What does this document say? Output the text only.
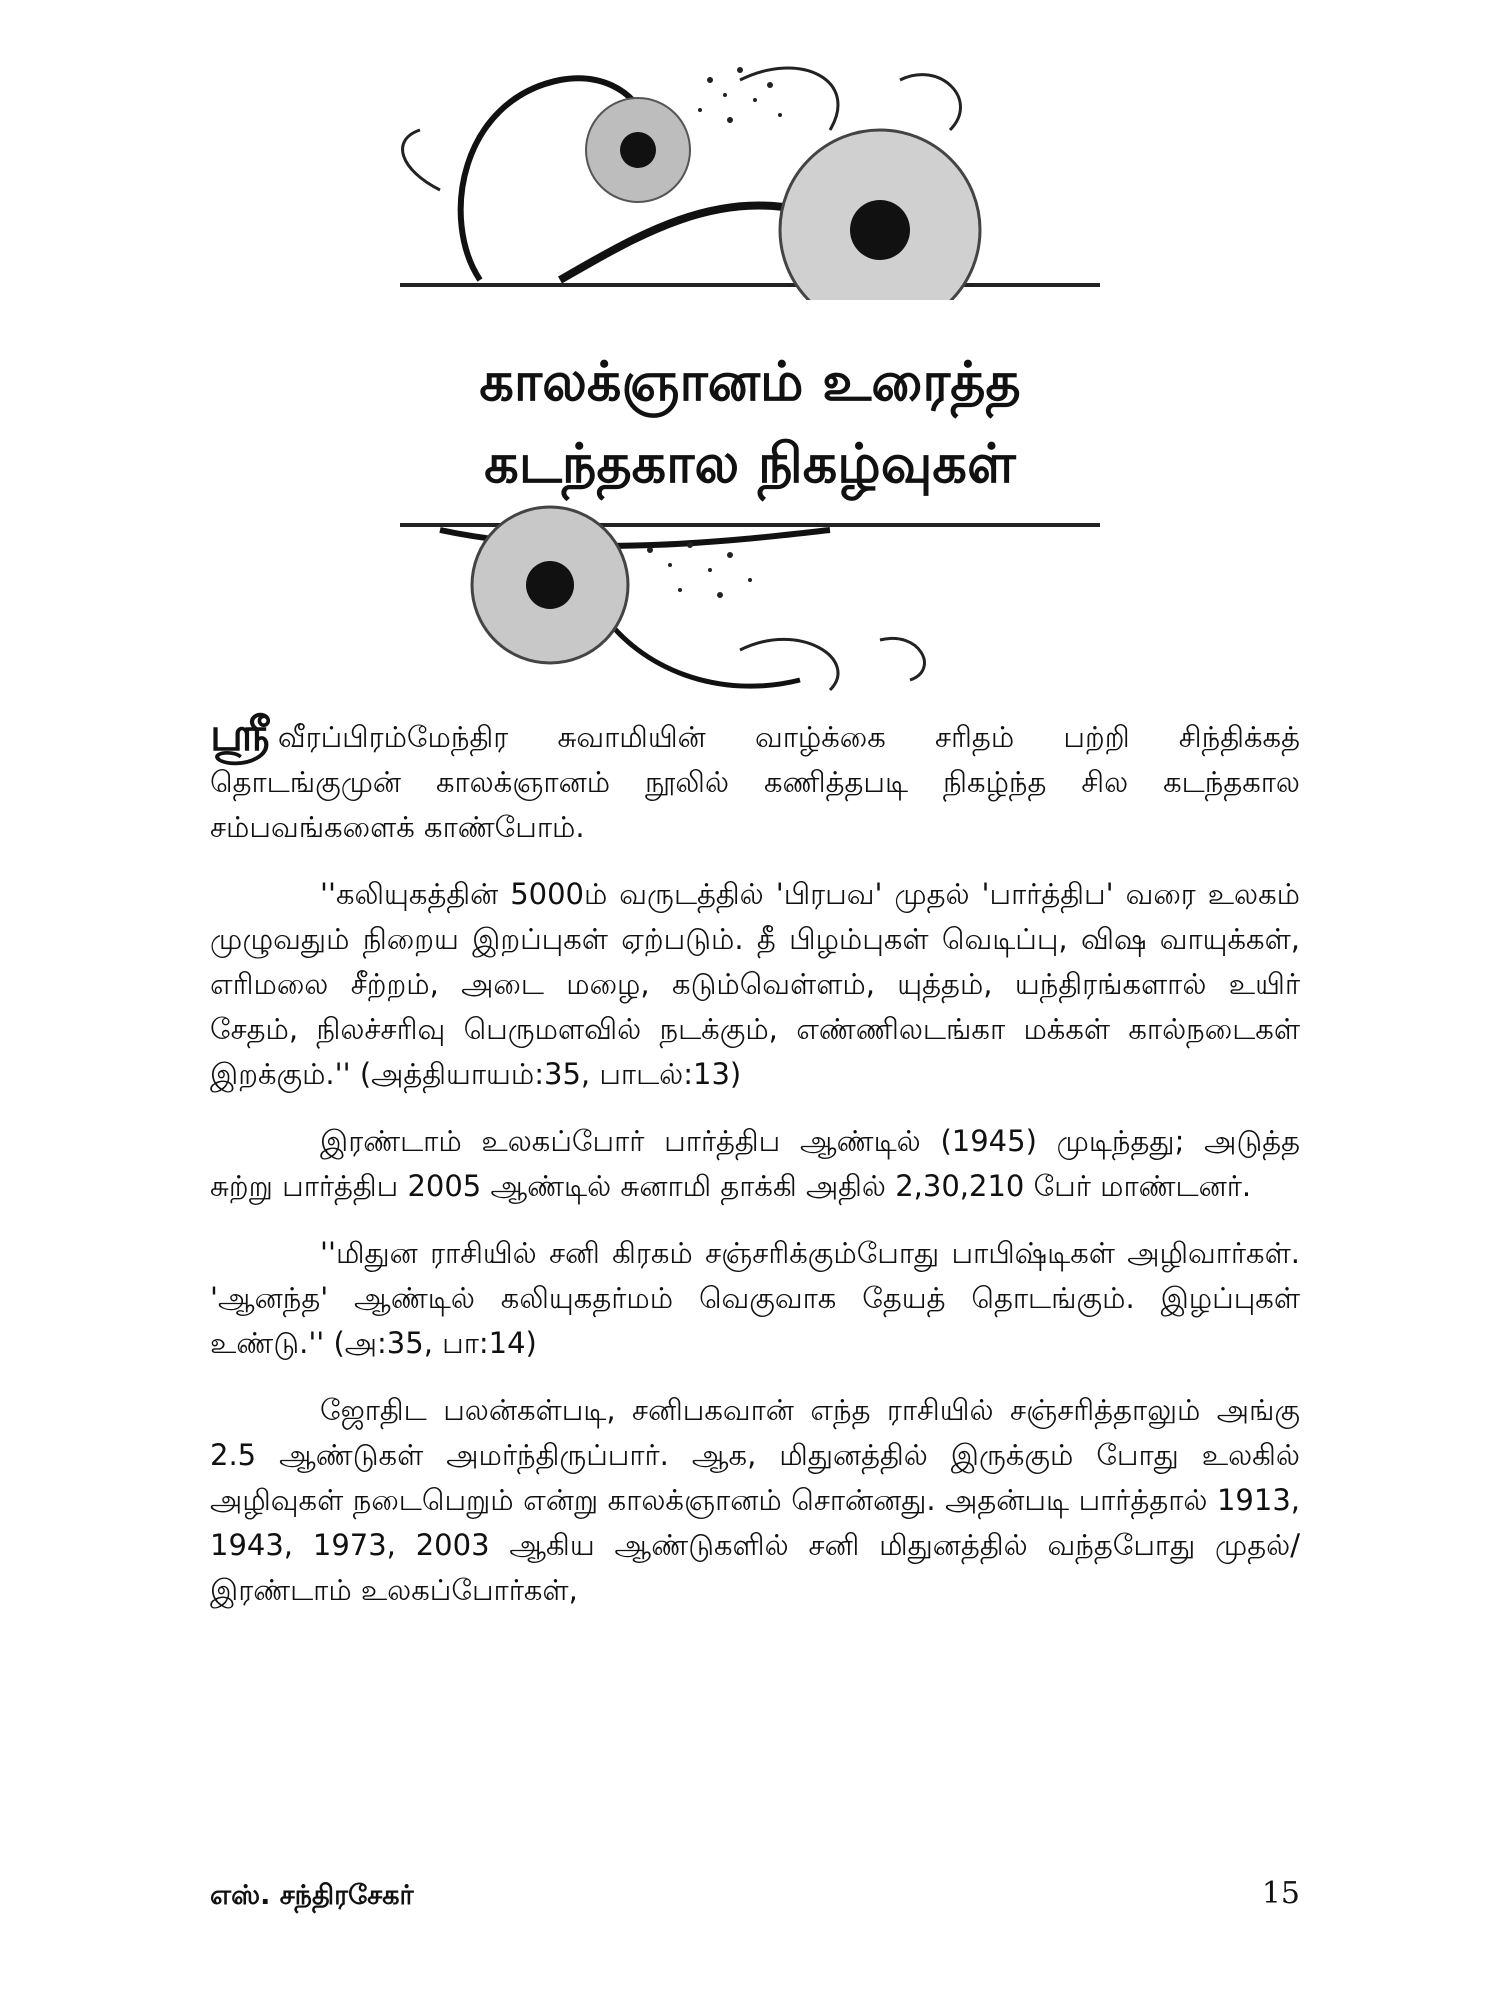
காலக்ஞானம் உரைத்த
கடந்தகால நிகழ்வுகள்

ஸ்ரீ வீரப்பிரம்மேந்திர சுவாமியின் வாழ்க்கை சரிதம் பற்றி சிந்திக்கத் தொடங்குமுன் காலக்ஞானம் நூலில் கணித்தபடி நிகழ்ந்த சில கடந்தகால சம்பவங்களைக் காண்போம்.

''கலியுகத்தின் 5000ம் வருடத்தில் 'பிரபவ' முதல் 'பார்த்திப' வரை உலகம் முழுவதும் நிறைய இறப்புகள் ஏற்படும். தீ பிழம்புகள் வெடிப்பு, விஷ வாயுக்கள், எரிமலை சீற்றம், அடை மழை, கடும்வெள்ளம், யுத்தம், யந்திரங்களால் உயிர் சேதம், நிலச்சரிவு பெருமளவில் நடக்கும், எண்ணிலடங்கா மக்கள் கால்நடைகள் இறக்கும்.'' (அத்தியாயம்:35, பாடல்:13)

இரண்டாம் உலகப்போர் பார்த்திப ஆண்டில் (1945) முடிந்தது; அடுத்த சுற்று பார்த்திப 2005 ஆண்டில் சுனாமி தாக்கி அதில் 2,30,210 பேர் மாண்டனர்.

''மிதுன ராசியில் சனி கிரகம் சஞ்சரிக்கும்போது பாபிஷ்டிகள் அழிவார்கள். 'ஆனந்த' ஆண்டில் கலியுகதர்மம் வெகுவாக தேயத் தொடங்கும். இழப்புகள் உண்டு.'' (அ:35, பா:14)

ஜோதிட பலன்கள்படி, சனிபகவான் எந்த ராசியில் சஞ்சரித்தாலும் அங்கு 2.5 ஆண்டுகள் அமர்ந்திருப்பார். ஆக, மிதுனத்தில் இருக்கும் போது உலகில் அழிவுகள் நடைபெறும் என்று காலக்ஞானம் சொன்னது. அதன்படி பார்த்தால் 1913, 1943, 1973, 2003 ஆகிய ஆண்டுகளில் சனி மிதுனத்தில் வந்தபோது முதல்/ இரண்டாம் உலகப்போர்கள்,

எஸ். சந்திரசேகர்	15
